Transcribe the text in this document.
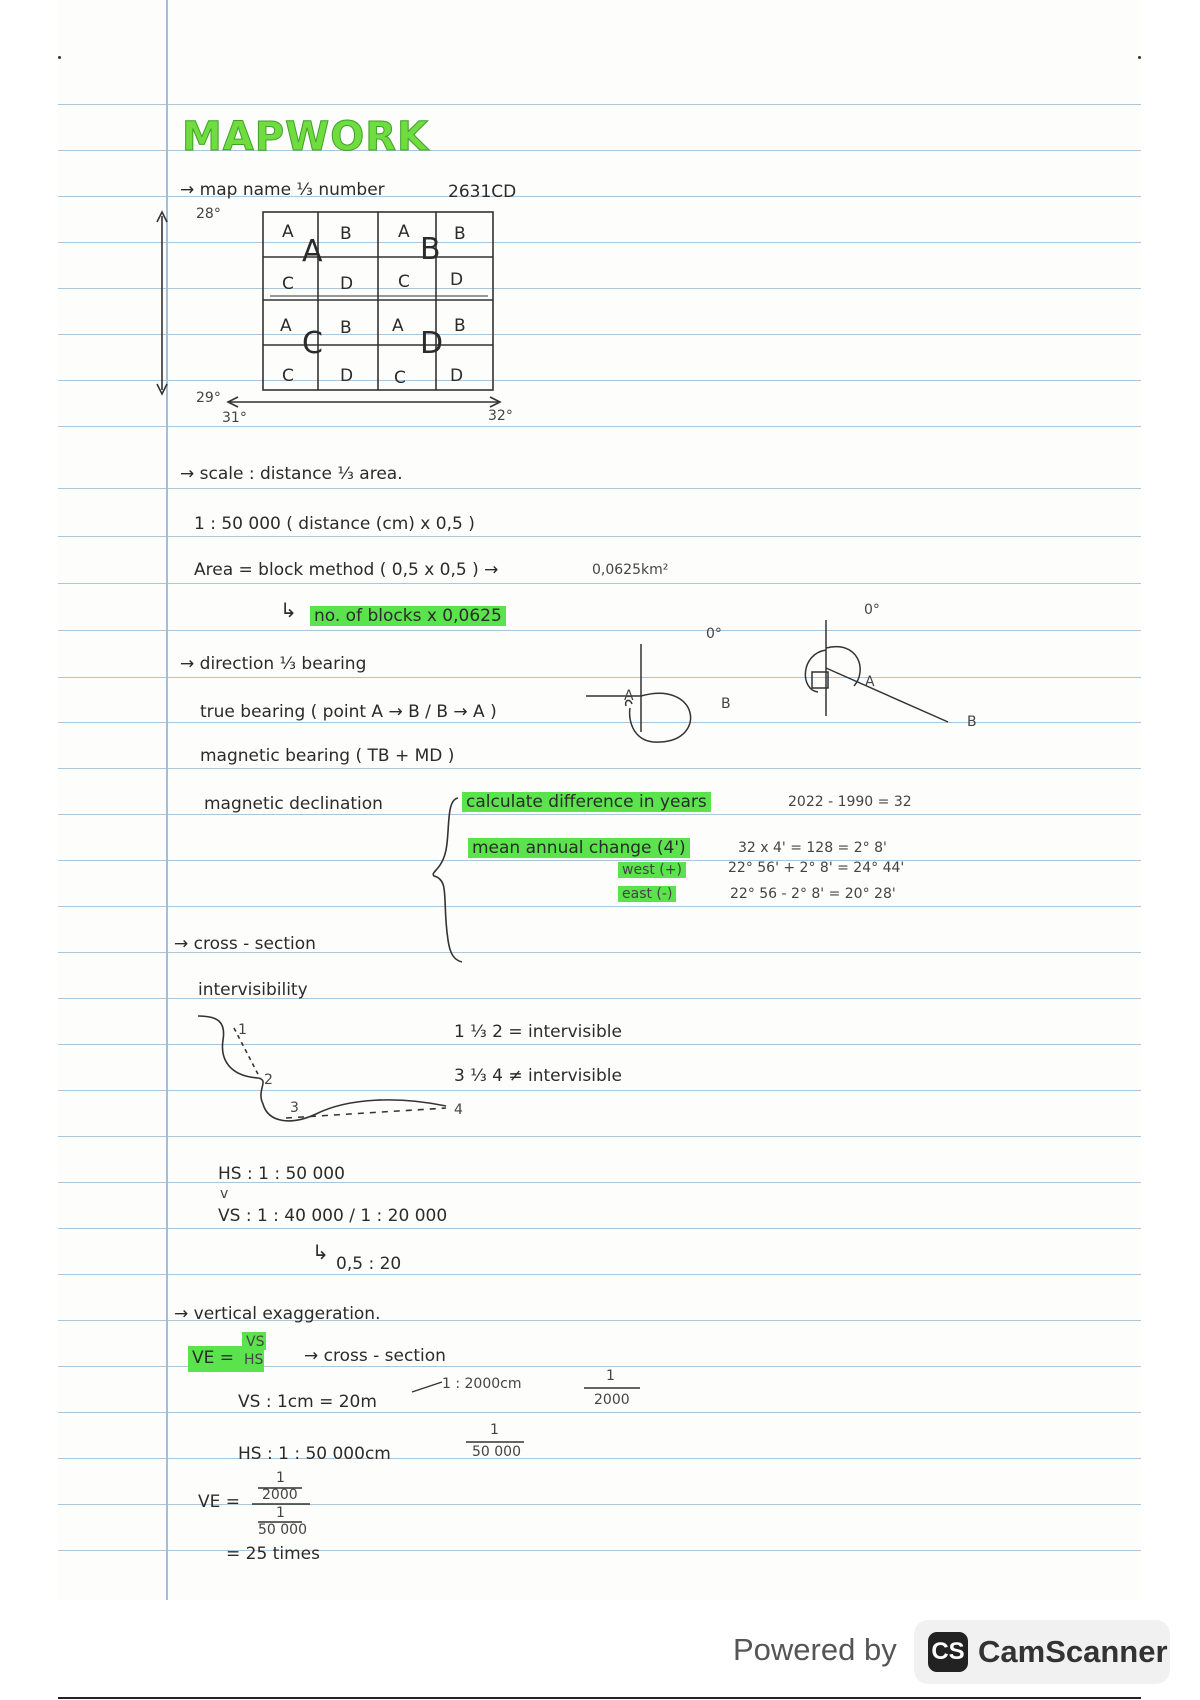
MAPWORK
→ map name ⅓ number	2631CD
28°
29°
31°	32°
A	B	A	B
C	D	C D
A	B A	B
C	D C	D
A	B
C	D
→ scale : distance ⅓ area.
1 : 50 000 ( distance (cm) x 0,5 )
Area = block method ( 0,5 x 0,5 ) →	0,0625km²
↳ no. of blocks x 0,0625
→ direction ⅓ bearing
true bearing ( point A → B / B → A )
magnetic bearing ( TB + MD )
magnetic declination	calculate difference in years	2022 - 1990 = 32
mean annual change (4')	32 x 4' = 128 = 2° 8'
west (+)	22° 56' + 2° 8' = 24° 44'
east (-)	22° 56 - 2° 8' = 20° 28'
0°
A	B
0°
A
B
→ cross - section
intervisibility
1
2
3	4
1 ⅓ 2 = intervisible
3 ⅓ 4 ≠ intervisible
HS : 1 : 50 000
v
VS : 1 : 40 000 / 1 : 20 000
↳ 0,5 : 20
→ vertical exaggeration.
VE =
VS
HS → cross - section
VS : 1cm = 20m
1 : 2000cm	1
2000
HS : 1 : 50 000cm
1
50 000
VE =
1
2000
1
50 000
= 25 times
Powered by CS CamScanner
